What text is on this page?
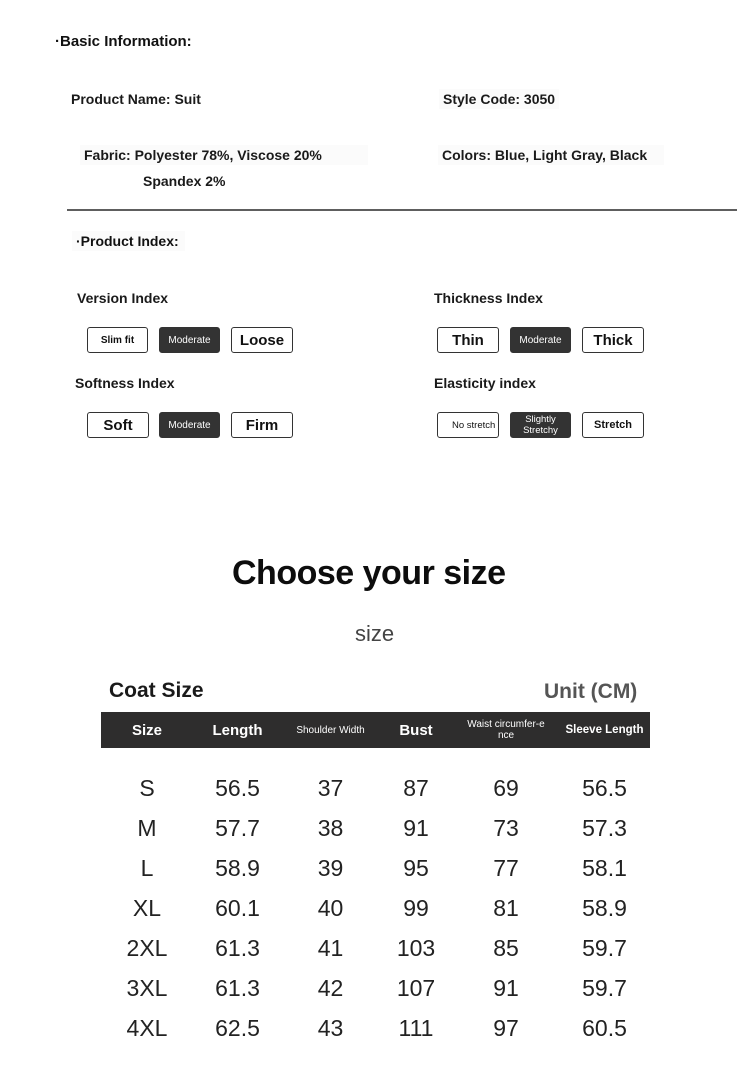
·Basic Information:
Product Name: Suit	Style Code: 3050
Fabric: Polyester 78%, Viscose 20%
Spandex 2%
Colors: Blue, Light Gray, Black
·Product Index:
Version Index
Slim fit	Moderate	Loose
Thickness Index
Thin	Moderate	Thick
Softness Index
Soft	Moderate	Firm
Elasticity index
No stretch	Slightly Stretchy	Stretch
Choose your size
size
Coat Size	Unit (CM)
Size	Length	Shoulder Width	Bust	Waist circumfer-ence	Sleeve Length
S	56.5	37	87	69	56.5
M	57.7	38	91	73	57.3
L	58.9	39	95	77	58.1
XL	60.1	40	99	81	58.9
2XL	61.3	41	103	85	59.7
3XL	61.3	42	107	91	59.7
4XL	62.5	43	111	97	60.5
